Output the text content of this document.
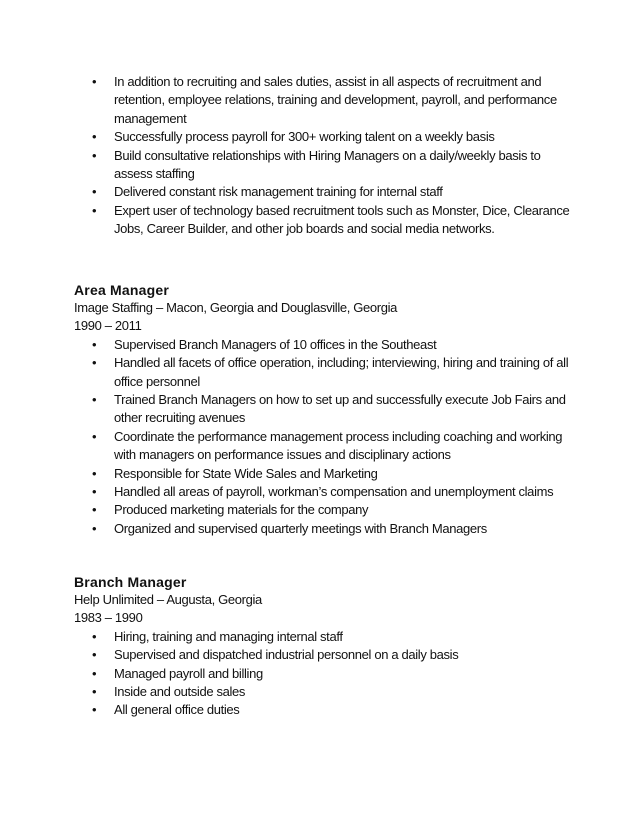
• In addition to recruiting and sales duties, assist in all aspects of recruitment and retention, employee relations, training and development, payroll, and performance management
• Successfully process payroll for 300+ working talent on a weekly basis
• Build consultative relationships with Hiring Managers on a daily/weekly basis to assess staffing
• Delivered constant risk management training for internal staff
• Expert user of technology based recruitment tools such as Monster, Dice, Clearance Jobs, Career Builder, and other job boards and social media networks.
Area Manager
Image Staffing – Macon, Georgia and Douglasville, Georgia
1990 – 2011
• Supervised Branch Managers of 10 offices in the Southeast
• Handled all facets of office operation, including; interviewing, hiring and training of all office personnel
• Trained Branch Managers on how to set up and successfully execute Job Fairs and other recruiting avenues
• Coordinate the performance management process including coaching and working with managers on performance issues and disciplinary actions
• Responsible for State Wide Sales and Marketing
• Handled all areas of payroll, workman’s compensation and unemployment claims
• Produced marketing materials for the company
• Organized and supervised quarterly meetings with Branch Managers
Branch Manager
Help Unlimited – Augusta, Georgia
1983 – 1990
• Hiring, training and managing internal staff
• Supervised and dispatched industrial personnel on a daily basis
• Managed payroll and billing
• Inside and outside sales
• All general office duties
